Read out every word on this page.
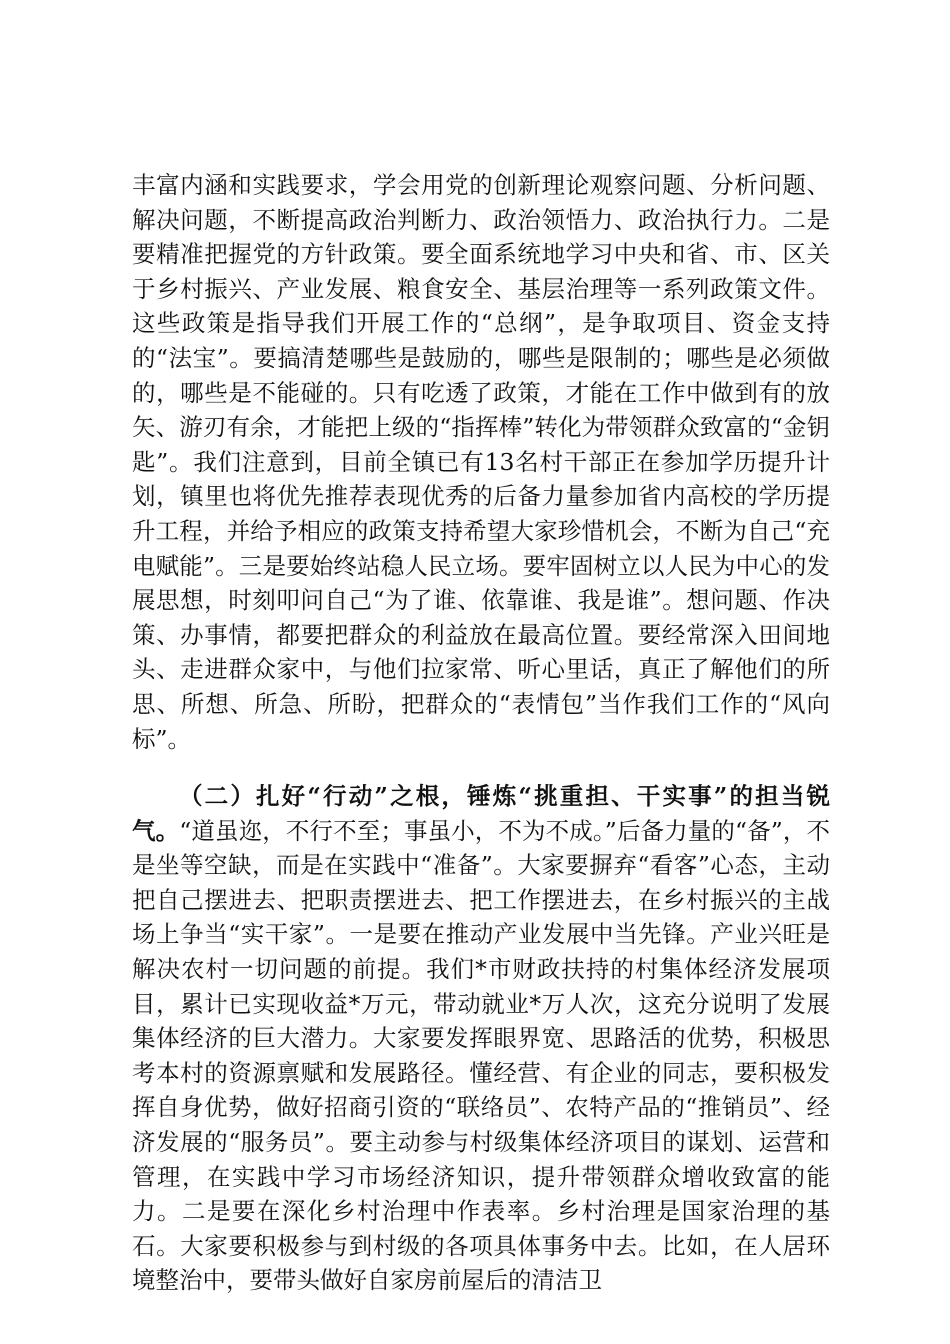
丰富内涵和实践要求，学会用党的创新理论观察问题、分析问题、解决问题，不断提高政治判断力、政治领悟力、政治执行力。二是要精准把握党的方针政策。要全面系统地学习中央和省、市、区关于乡村振兴、产业发展、粮食安全、基层治理等一系列政策文件。这些政策是指导我们开展工作的“总纲”，是争取项目、资金支持的“法宝”。要搞清楚哪些是鼓励的，哪些是限制的；哪些是必须做的，哪些是不能碰的。只有吃透了政策，才能在工作中做到有的放矢、游刃有余，才能把上级的“指挥棒”转化为带领群众致富的“金钥匙”。我们注意到，目前全镇已有13名村干部正在参加学历提升计划，镇里也将优先推荐表现优秀的后备力量参加省内高校的学历提升工程，并给予相应的政策支持希望大家珍惜机会，不断为自己“充电赋能”。三是要始终站稳人民立场。要牢固树立以人民为中心的发展思想，时刻叩问自己“为了谁、依靠谁、我是谁”。想问题、作决策、办事情，都要把群众的利益放在最高位置。要经常深入田间地头、走进群众家中，与他们拉家常、听心里话，真正了解他们的所思、所想、所急、所盼，把群众的“表情包”当作我们工作的“风向标”。

（二）扎好“行动”之根，锤炼“挑重担、干实事”的担当锐气。“道虽迩，不行不至；事虽小，不为不成。”后备力量的“备”，不是坐等空缺，而是在实践中“准备”。大家要摒弃“看客”心态，主动把自己摆进去、把职责摆进去、把工作摆进去，在乡村振兴的主战场上争当“实干家”。一是要在推动产业发展中当先锋。产业兴旺是解决农村一切问题的前提。我们*市财政扶持的村集体经济发展项目，累计已实现收益*万元，带动就业*万人次，这充分说明了发展集体经济的巨大潜力。大家要发挥眼界宽、思路活的优势，积极思考本村的资源禀赋和发展路径。懂经营、有企业的同志，要积极发挥自身优势，做好招商引资的“联络员”、农特产品的“推销员”、经济发展的“服务员”。要主动参与村级集体经济项目的谋划、运营和管理，在实践中学习市场经济知识，提升带领群众增收致富的能力。二是要在深化乡村治理中作表率。乡村治理是国家治理的基石。大家要积极参与到村级的各项具体事务中去。比如，在人居环境整治中，要带头做好自家房前屋后的清洁卫
